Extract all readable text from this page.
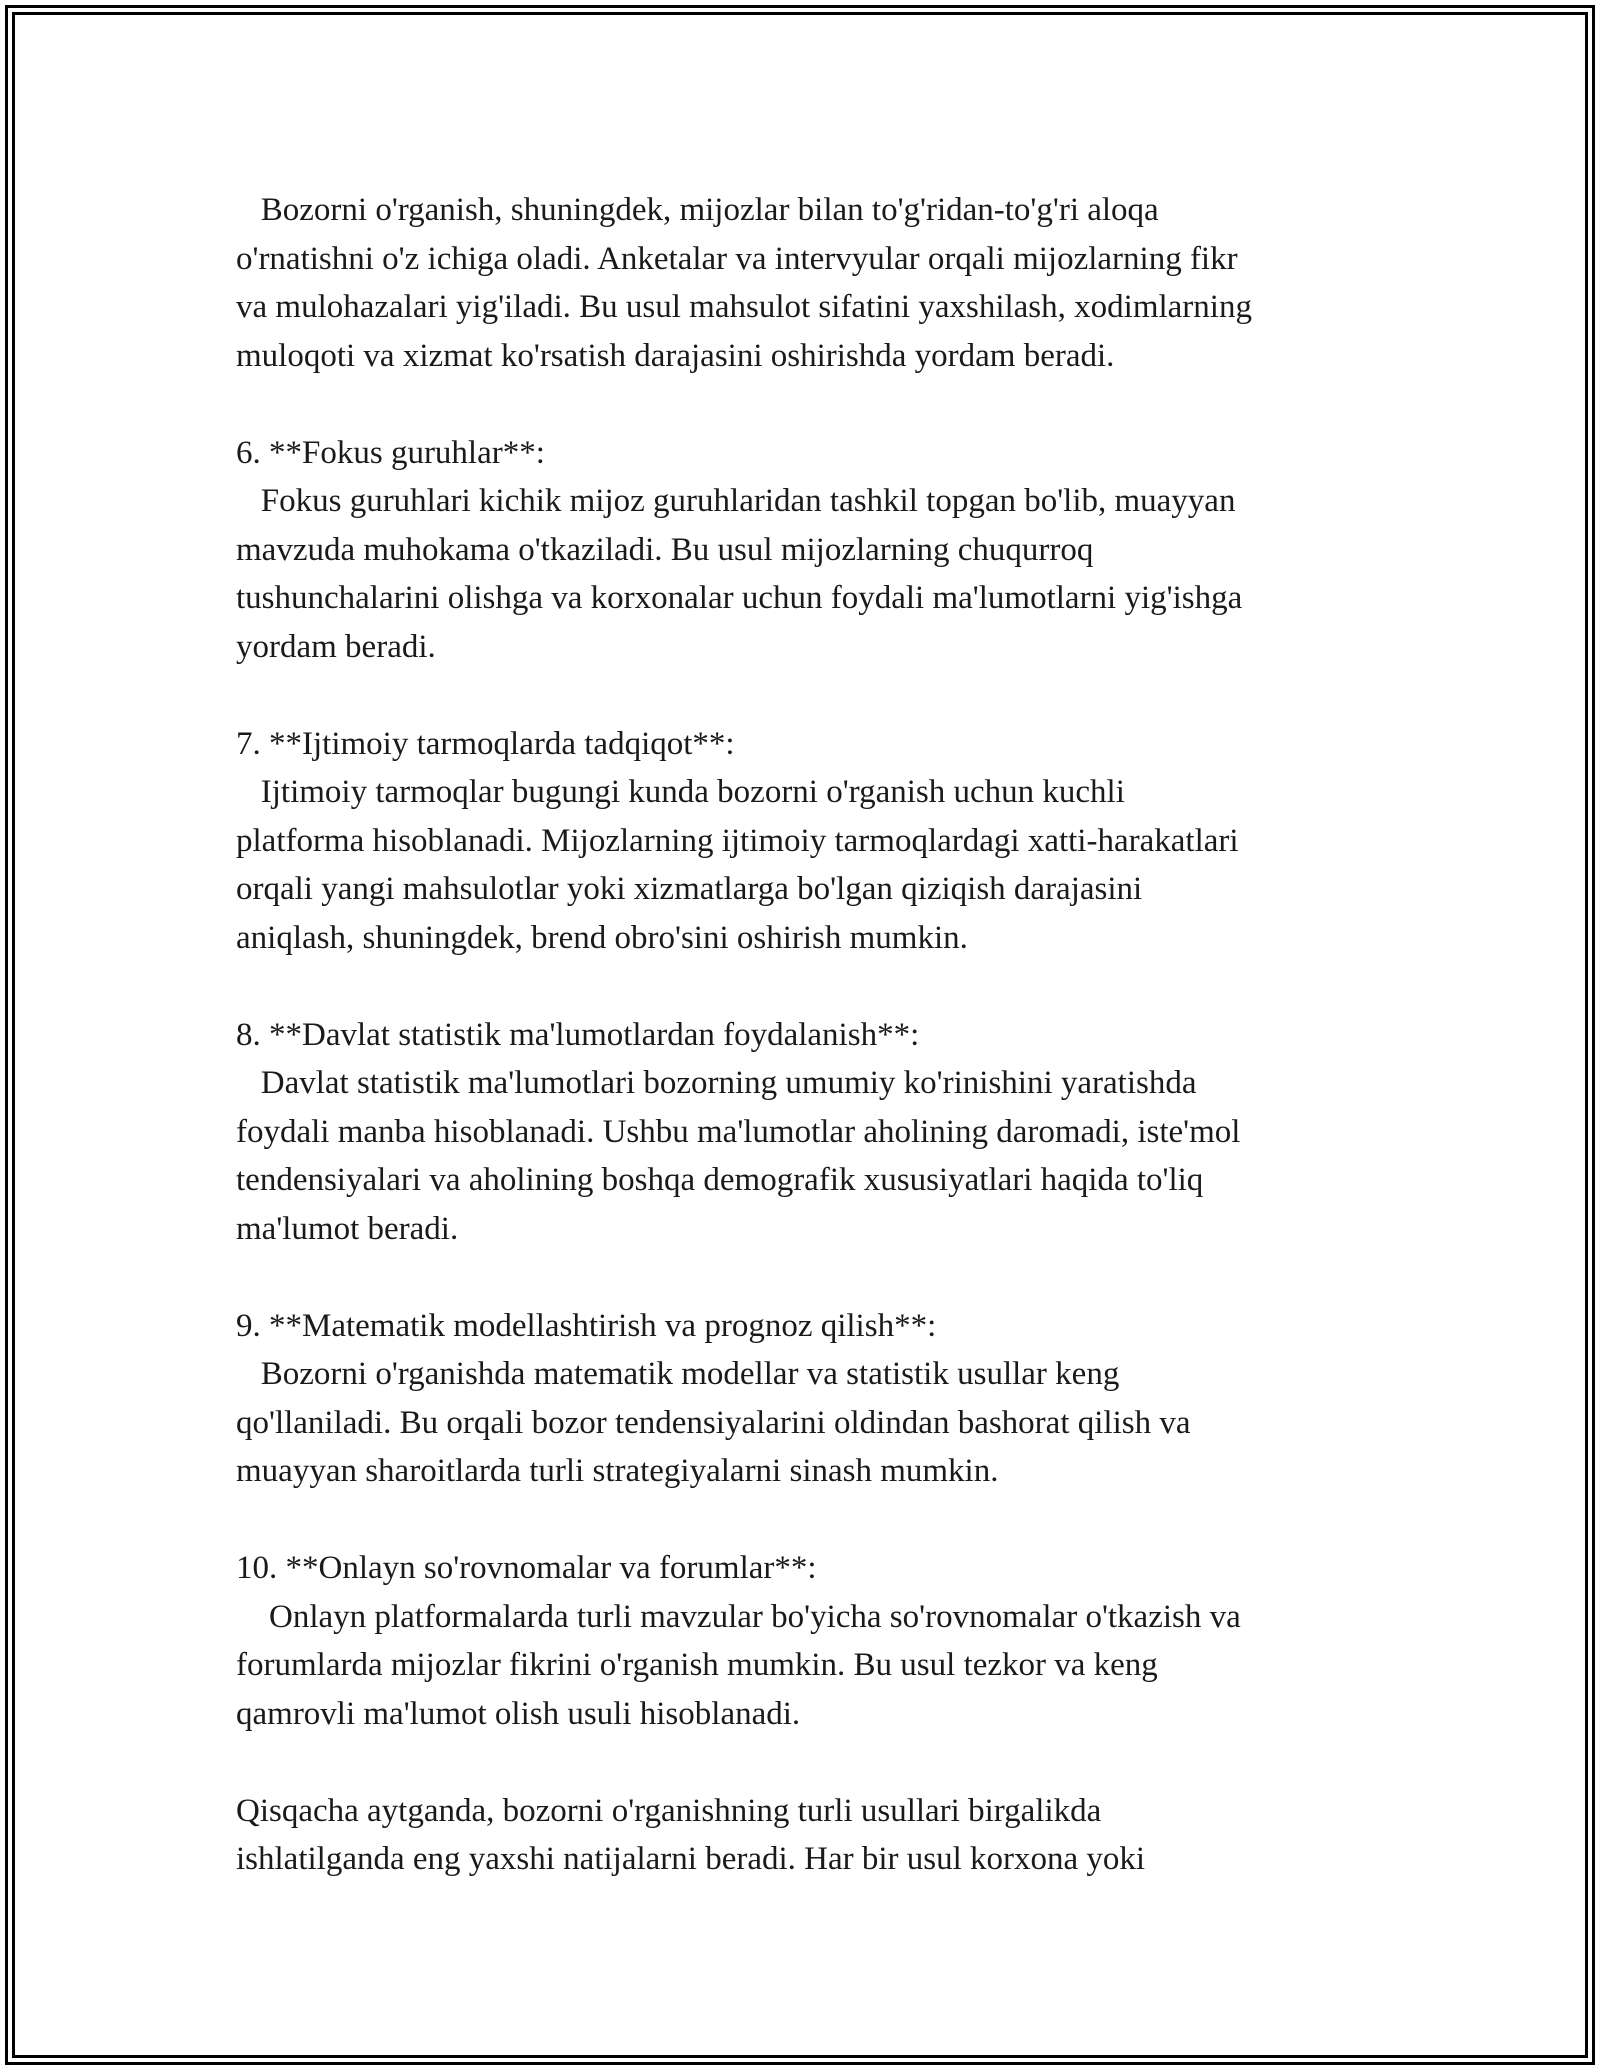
Bozorni o'rganish, shuningdek, mijozlar bilan to'g'ridan-to'g'ri aloqa
o'rnatishni o'z ichiga oladi. Anketalar va intervyular orqali mijozlarning fikr
va mulohazalari yig'iladi. Bu usul mahsulot sifatini yaxshilash, xodimlarning
muloqoti va xizmat ko'rsatish darajasini oshirishda yordam beradi.
6. **Fokus guruhlar**:
Fokus guruhlari kichik mijoz guruhlaridan tashkil topgan bo'lib, muayyan
mavzuda muhokama o'tkaziladi. Bu usul mijozlarning chuqurroq
tushunchalarini olishga va korxonalar uchun foydali ma'lumotlarni yig'ishga
yordam beradi.
7. **Ijtimoiy tarmoqlarda tadqiqot**:
Ijtimoiy tarmoqlar bugungi kunda bozorni o'rganish uchun kuchli
platforma hisoblanadi. Mijozlarning ijtimoiy tarmoqlardagi xatti-harakatlari
orqali yangi mahsulotlar yoki xizmatlarga bo'lgan qiziqish darajasini
aniqlash, shuningdek, brend obro'sini oshirish mumkin.
8. **Davlat statistik ma'lumotlardan foydalanish**:
Davlat statistik ma'lumotlari bozorning umumiy ko'rinishini yaratishda
foydali manba hisoblanadi. Ushbu ma'lumotlar aholining daromadi, iste'mol
tendensiyalari va aholining boshqa demografik xususiyatlari haqida to'liq
ma'lumot beradi.
9. **Matematik modellashtirish va prognoz qilish**:
Bozorni o'rganishda matematik modellar va statistik usullar keng
qo'llaniladi. Bu orqali bozor tendensiyalarini oldindan bashorat qilish va
muayyan sharoitlarda turli strategiyalarni sinash mumkin.
10. **Onlayn so'rovnomalar va forumlar**:
Onlayn platformalarda turli mavzular bo'yicha so'rovnomalar o'tkazish va
forumlarda mijozlar fikrini o'rganish mumkin. Bu usul tezkor va keng
qamrovli ma'lumot olish usuli hisoblanadi.
Qisqacha aytganda, bozorni o'rganishning turli usullari birgalikda
ishlatilganda eng yaxshi natijalarni beradi. Har bir usul korxona yoki
